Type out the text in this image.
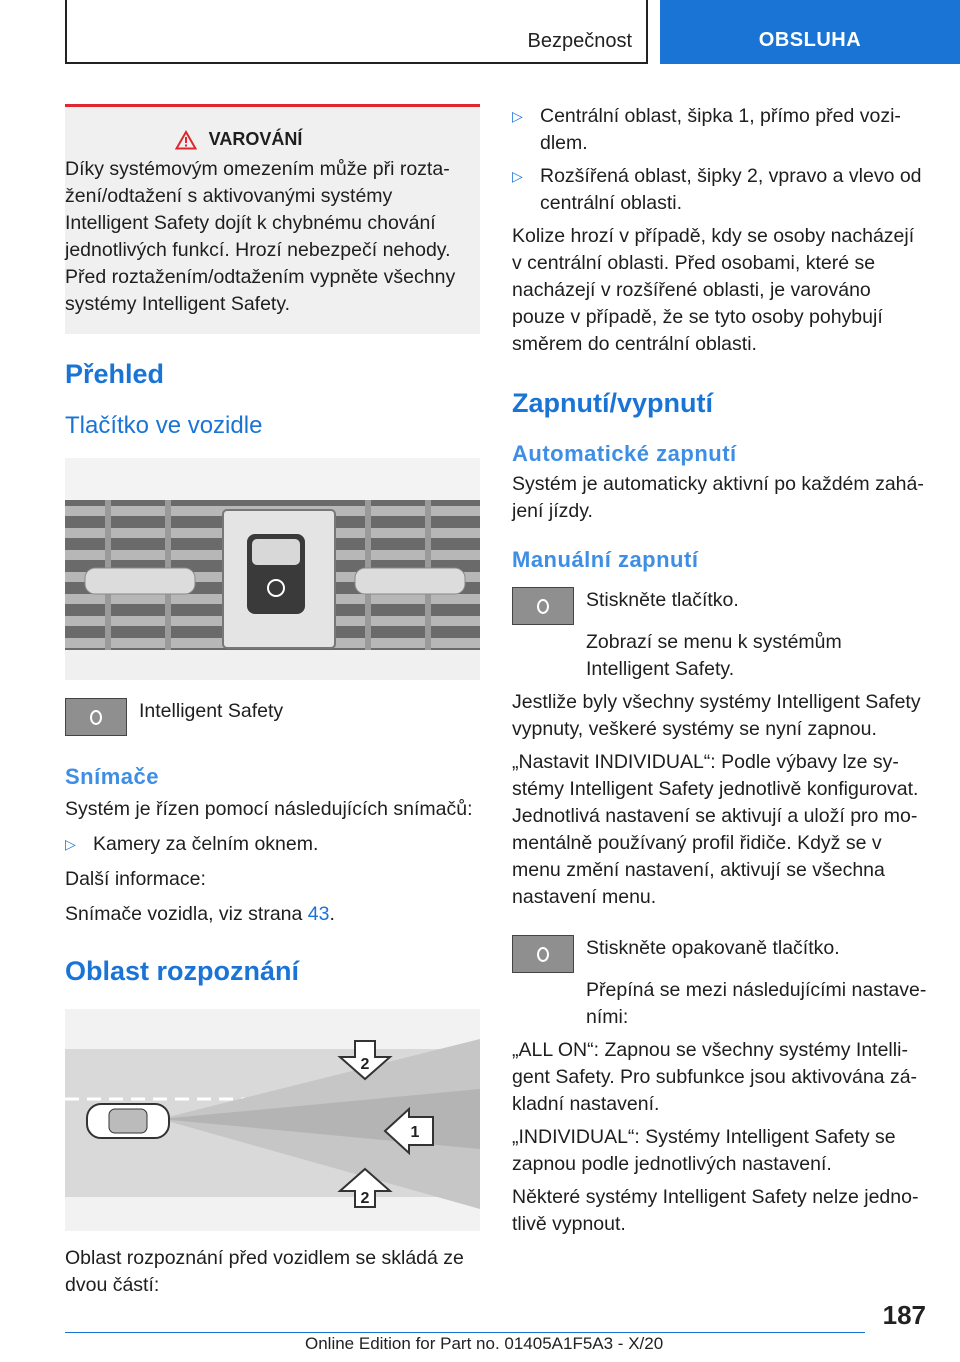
Bezpečnost	OBSLUHA
VAROVÁNÍ
Díky systémovým omezením může při roztažení/odtažení s aktivovanými systémy Intelligent Safety dojít k chybnému chování jednotlivých funkcí. Hrozí nebezpečí nehody. Před roztažením/odtažením vypněte všechny systémy Intelligent Safety.
Přehled
Tlačítko ve vozidle

Intelligent Safety

Snímače

Systém je řízen pomocí následujících snímačů:

▷ Kamery za čelním oknem.

Další informace:

Snímače vozidla, viz strana 43.

Oblast rozpoznání
2
1
2

Oblast rozpoznání před vozidlem se skládá ze dvou částí:

▷ Centrální oblast, šipka 1, přímo před vozidlem.

▷ Rozšířená oblast, šipky 2, vpravo a vlevo od centrální oblasti.

Kolize hrozí v případě, kdy se osoby nacházejí v centrální oblasti. Před osobami, které se nacházejí v rozšířené oblasti, je varováno pouze v případě, že se tyto osoby pohybují směrem do centrální oblasti.

Zapnutí/vypnutí
Automatické zapnutí

Systém je automaticky aktivní po každém zahájení jízdy.

Manuální zapnutí

Stiskněte tlačítko.

Zobrazí se menu k systémům Intelligent Safety.

Jestliže byly všechny systémy Intelligent Safety vypnuty, veškeré systémy se nyní zapnou.

„Nastavit INDIVIDUAL“: Podle výbavy lze systémy Intelligent Safety jednotlivě konfigurovat. Jednotlivá nastavení se aktivují a uloží pro momentálně používaný profil řidiče. Když se v menu změní nastavení, aktivují se všechna nastavení menu.

Stiskněte opakovaně tlačítko.

Přepíná se mezi následujícími nastaveními:

„ALL ON“: Zapnou se všechny systémy Intelligent Safety. Pro subfunkce jsou aktivována základní nastavení.

„INDIVIDUAL“: Systémy Intelligent Safety se zapnou podle jednotlivých nastavení.

Některé systémy Intelligent Safety nelze jednotlivě vypnout.

187
Online Edition for Part no. 01405A1F5A3 - X/20
